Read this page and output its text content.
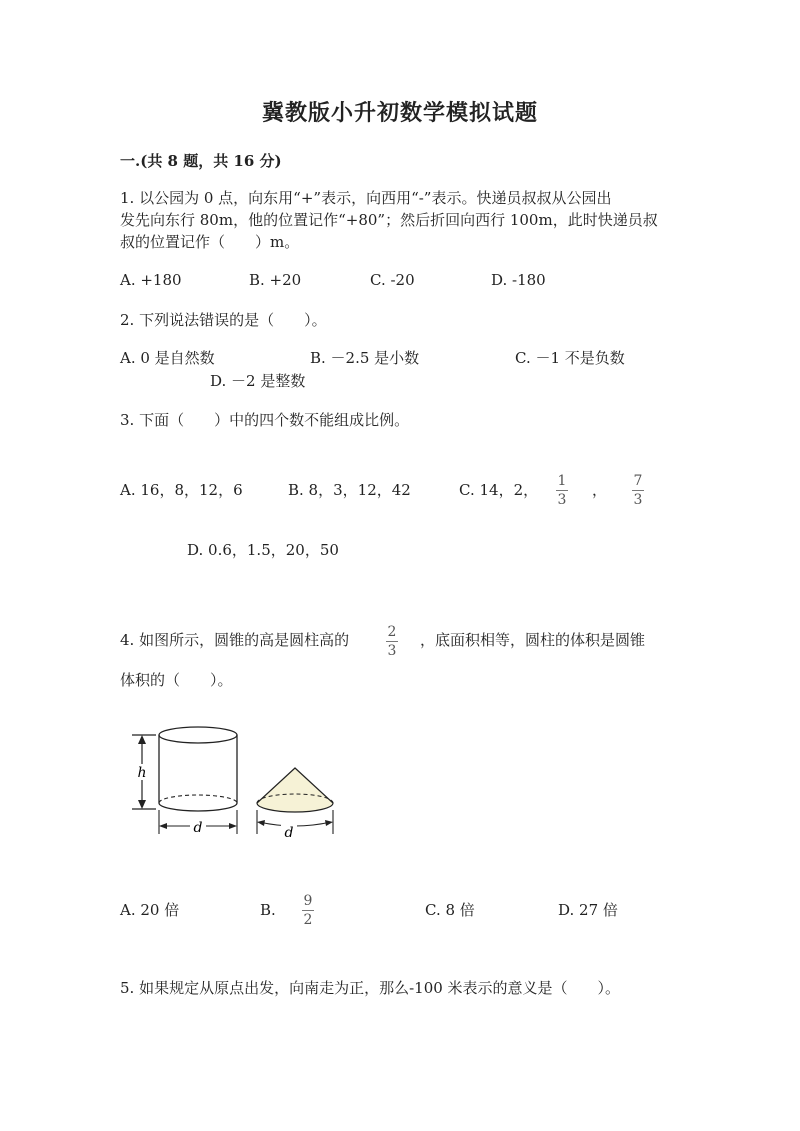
冀教版小升初数学模拟试题
一.(共 8 题，共 16 分)
1. 以公园为 0 点，向东用“+”表示，向西用“-”表示。快递员叔叔从公园出
发先向东行 80m，他的位置记作“+80”；然后折回向西行 100m，此时快递员叔
叔的位置记作（　　）m。
A. +180	B. +20	C. -20	D. -180
2. 下列说法错误的是（　　）。
A. 0 是自然数	B. －2.5 是小数	C. －1 不是负数
D. －2 是整数
3. 下面（　　）中的四个数不能组成比例。
A. 16，8，12，6	B. 8，3，12，42	C. 14，2， 1
3
， 7
3
D. 0.6，1.5，20，50
4. 如图所示，圆锥的高是圆柱高的	2
3
，底面积相等，圆柱的体积是圆锥
体积的（　　）。
h
d	d
A. 20 倍	B. 9
2
C. 8 倍	D. 27 倍
5. 如果规定从原点出发，向南走为正，那么-100 米表示的意义是（　　）。
